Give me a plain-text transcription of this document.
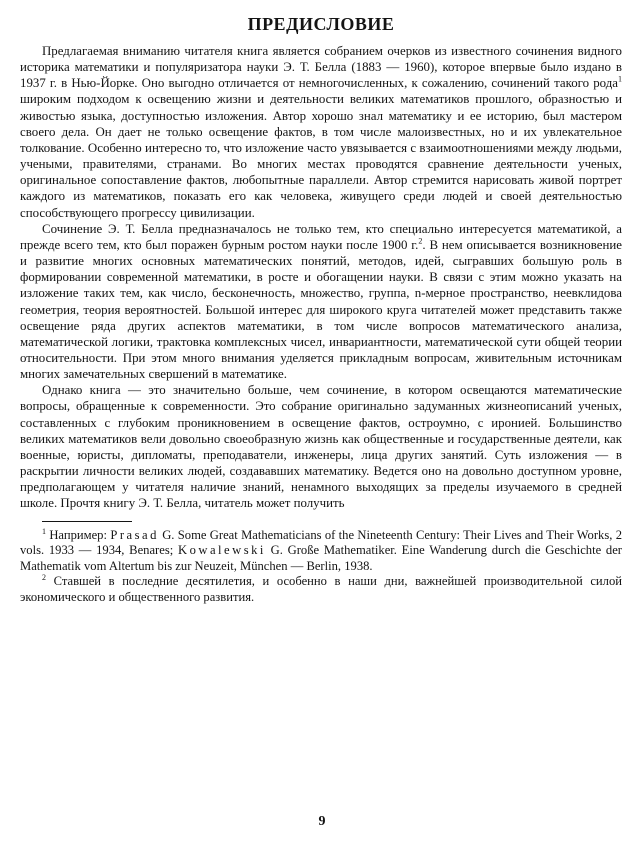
ПРЕДИСЛОВИЕ

Предлагаемая вниманию читателя книга является собранием очерков из известного сочинения видного историка математики и популяризатора науки Э. Т. Белла (1883 — 1960), которое впервые было издано в 1937 г. в Нью-Йорке. Оно выгодно отличается от немногочисленных, к сожалению, сочинений такого рода$^1$ широким подходом к освещению жизни и деятельности великих математиков прошлого, образностью и живостью языка, доступностью изложения. Автор хорошо знал математику и ее историю, был мастером своего дела. Он дает не только освещение фактов, в том числе малоизвестных, но и их увлекательное толкование. Особенно интересно то, что изложение часто увязывается с взаимоотношениями между людьми, учеными, правителями, странами. Во многих местах проводятся сравнение деятельности ученых, оригинальное сопоставление фактов, любопытные параллели. Автор стремится нарисовать живой портрет каждого из математиков, показать его как человека, живущего среди людей и своей деятельностью способствующего прогрессу цивилизации.

Сочинение Э. Т. Белла предназначалось не только тем, кто специально интересуется математикой, а прежде всего тем, кто был поражен бурным ростом науки после 1900 г.$^2$. В нем описывается возникновение и развитие многих основных математических понятий, методов, идей, сыгравших большую роль в формировании современной математики, в росте и обогащении науки. В связи с этим можно указать на изложение таких тем, как число, бесконечность, множество, группа, n-мерное пространство, неевклидова геометрия, теория вероятностей. Большой интерес для широкого круга читателей может представить также освещение ряда других аспектов математики, в том числе вопросов математического анализа, математической логики, трактовка комплексных чисел, инвариантности, математической сути общей теории относительности. При этом много внимания уделяется прикладным вопросам, живительным источникам многих замечательных свершений в математике.

Однако книга — это значительно больше, чем сочинение, в котором освещаются математические вопросы, обращенные к современности. Это собрание оригинально задуманных жизнеописаний ученых, составленных с глубоким проникновением в освещение фактов, остроумно, с иронией. Большинство великих математиков вели довольно своеобразную жизнь как общественные и государственные деятели, как военные, юристы, дипломаты, преподаватели, инженеры, лица других занятий. Суть изложения — в раскрытии личности великих людей, создававших математику. Ведется оно на довольно доступном уровне, предполагающем у читателя наличие знаний, ненамного выходящих за пределы изучаемого в средней школе. Прочтя книгу Э. Т. Белла, читатель может получить

$^1$ Например: Prasad G. Some Great Mathematicians of the Nineteenth Century: Their Lives and Their Works, 2 vols. 1933 — 1934, Benares; Kowalewski G. Große Mathematiker. Eine Wanderung durch die Geschichte der Mathematik vom Altertum bis zur Neuzeit, München — Berlin, 1938.

$^2$ Ставшей в последние десятилетия, и особенно в наши дни, важнейшей производительной силой экономического и общественного развития.

9
